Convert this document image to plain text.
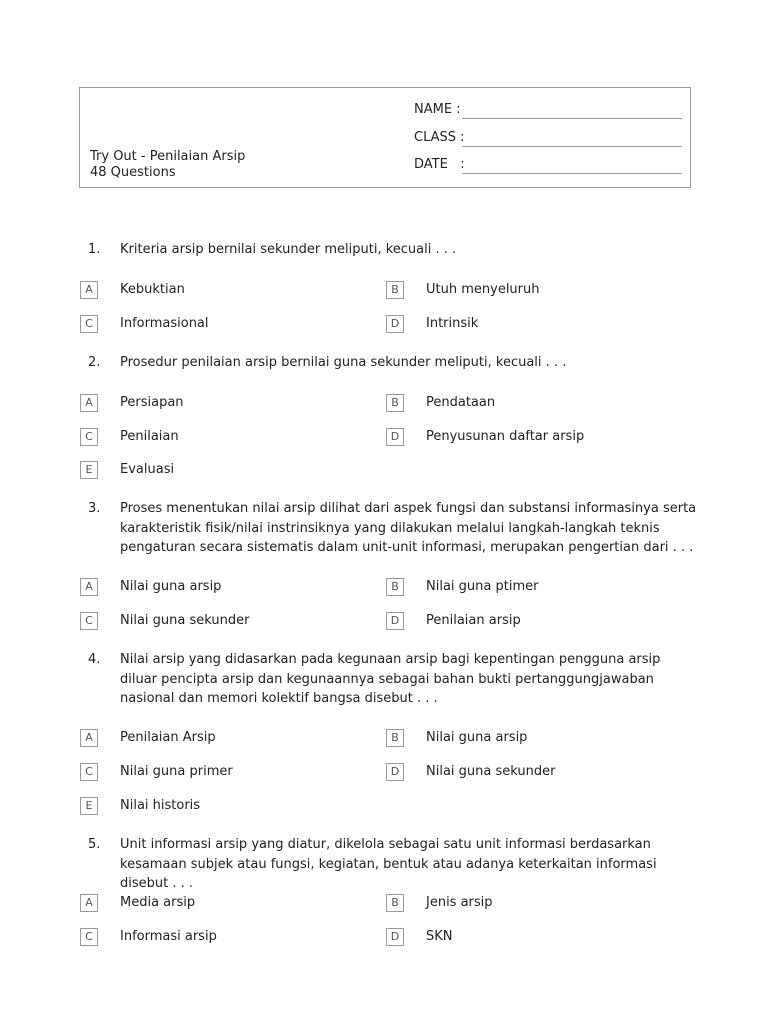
NAME :
CLASS :
DATE   :
Try Out - Penilaian Arsip
48 Questions
1. Kriteria arsip bernilai sekunder meliputi, kecuali . . .
A	Kebuktian	B	Utuh menyeluruh
C	Informasional	D	Intrinsik
2. Prosedur penilaian arsip bernilai guna sekunder meliputi, kecuali . . .
A	Persiapan	B	Pendataan
C	Penilaian	D	Penyusunan daftar arsip
E	Evaluasi
3. Proses menentukan nilai arsip dilihat dari aspek fungsi dan substansi informasinya serta karakteristik fisik/nilai instrinsiknya yang dilakukan melalui langkah-langkah teknis pengaturan secara sistematis dalam unit-unit informasi, merupakan pengertian dari . . .
A	Nilai guna arsip	B	Nilai guna ptimer
C	Nilai guna sekunder	D	Penilaian arsip
4. Nilai arsip yang didasarkan pada kegunaan arsip bagi kepentingan pengguna arsip diluar pencipta arsip dan kegunaannya sebagai bahan bukti pertanggungjawaban nasional dan memori kolektif bangsa disebut . . .
A	Penilaian Arsip	B	Nilai guna arsip
C	Nilai guna primer	D	Nilai guna sekunder
E	Nilai historis
5. Unit informasi arsip yang diatur, dikelola sebagai satu unit informasi berdasarkan kesamaan subjek atau fungsi, kegiatan, bentuk atau adanya keterkaitan informasi disebut . . .
A	Media arsip	B	Jenis arsip
C	Informasi arsip	D	SKN
